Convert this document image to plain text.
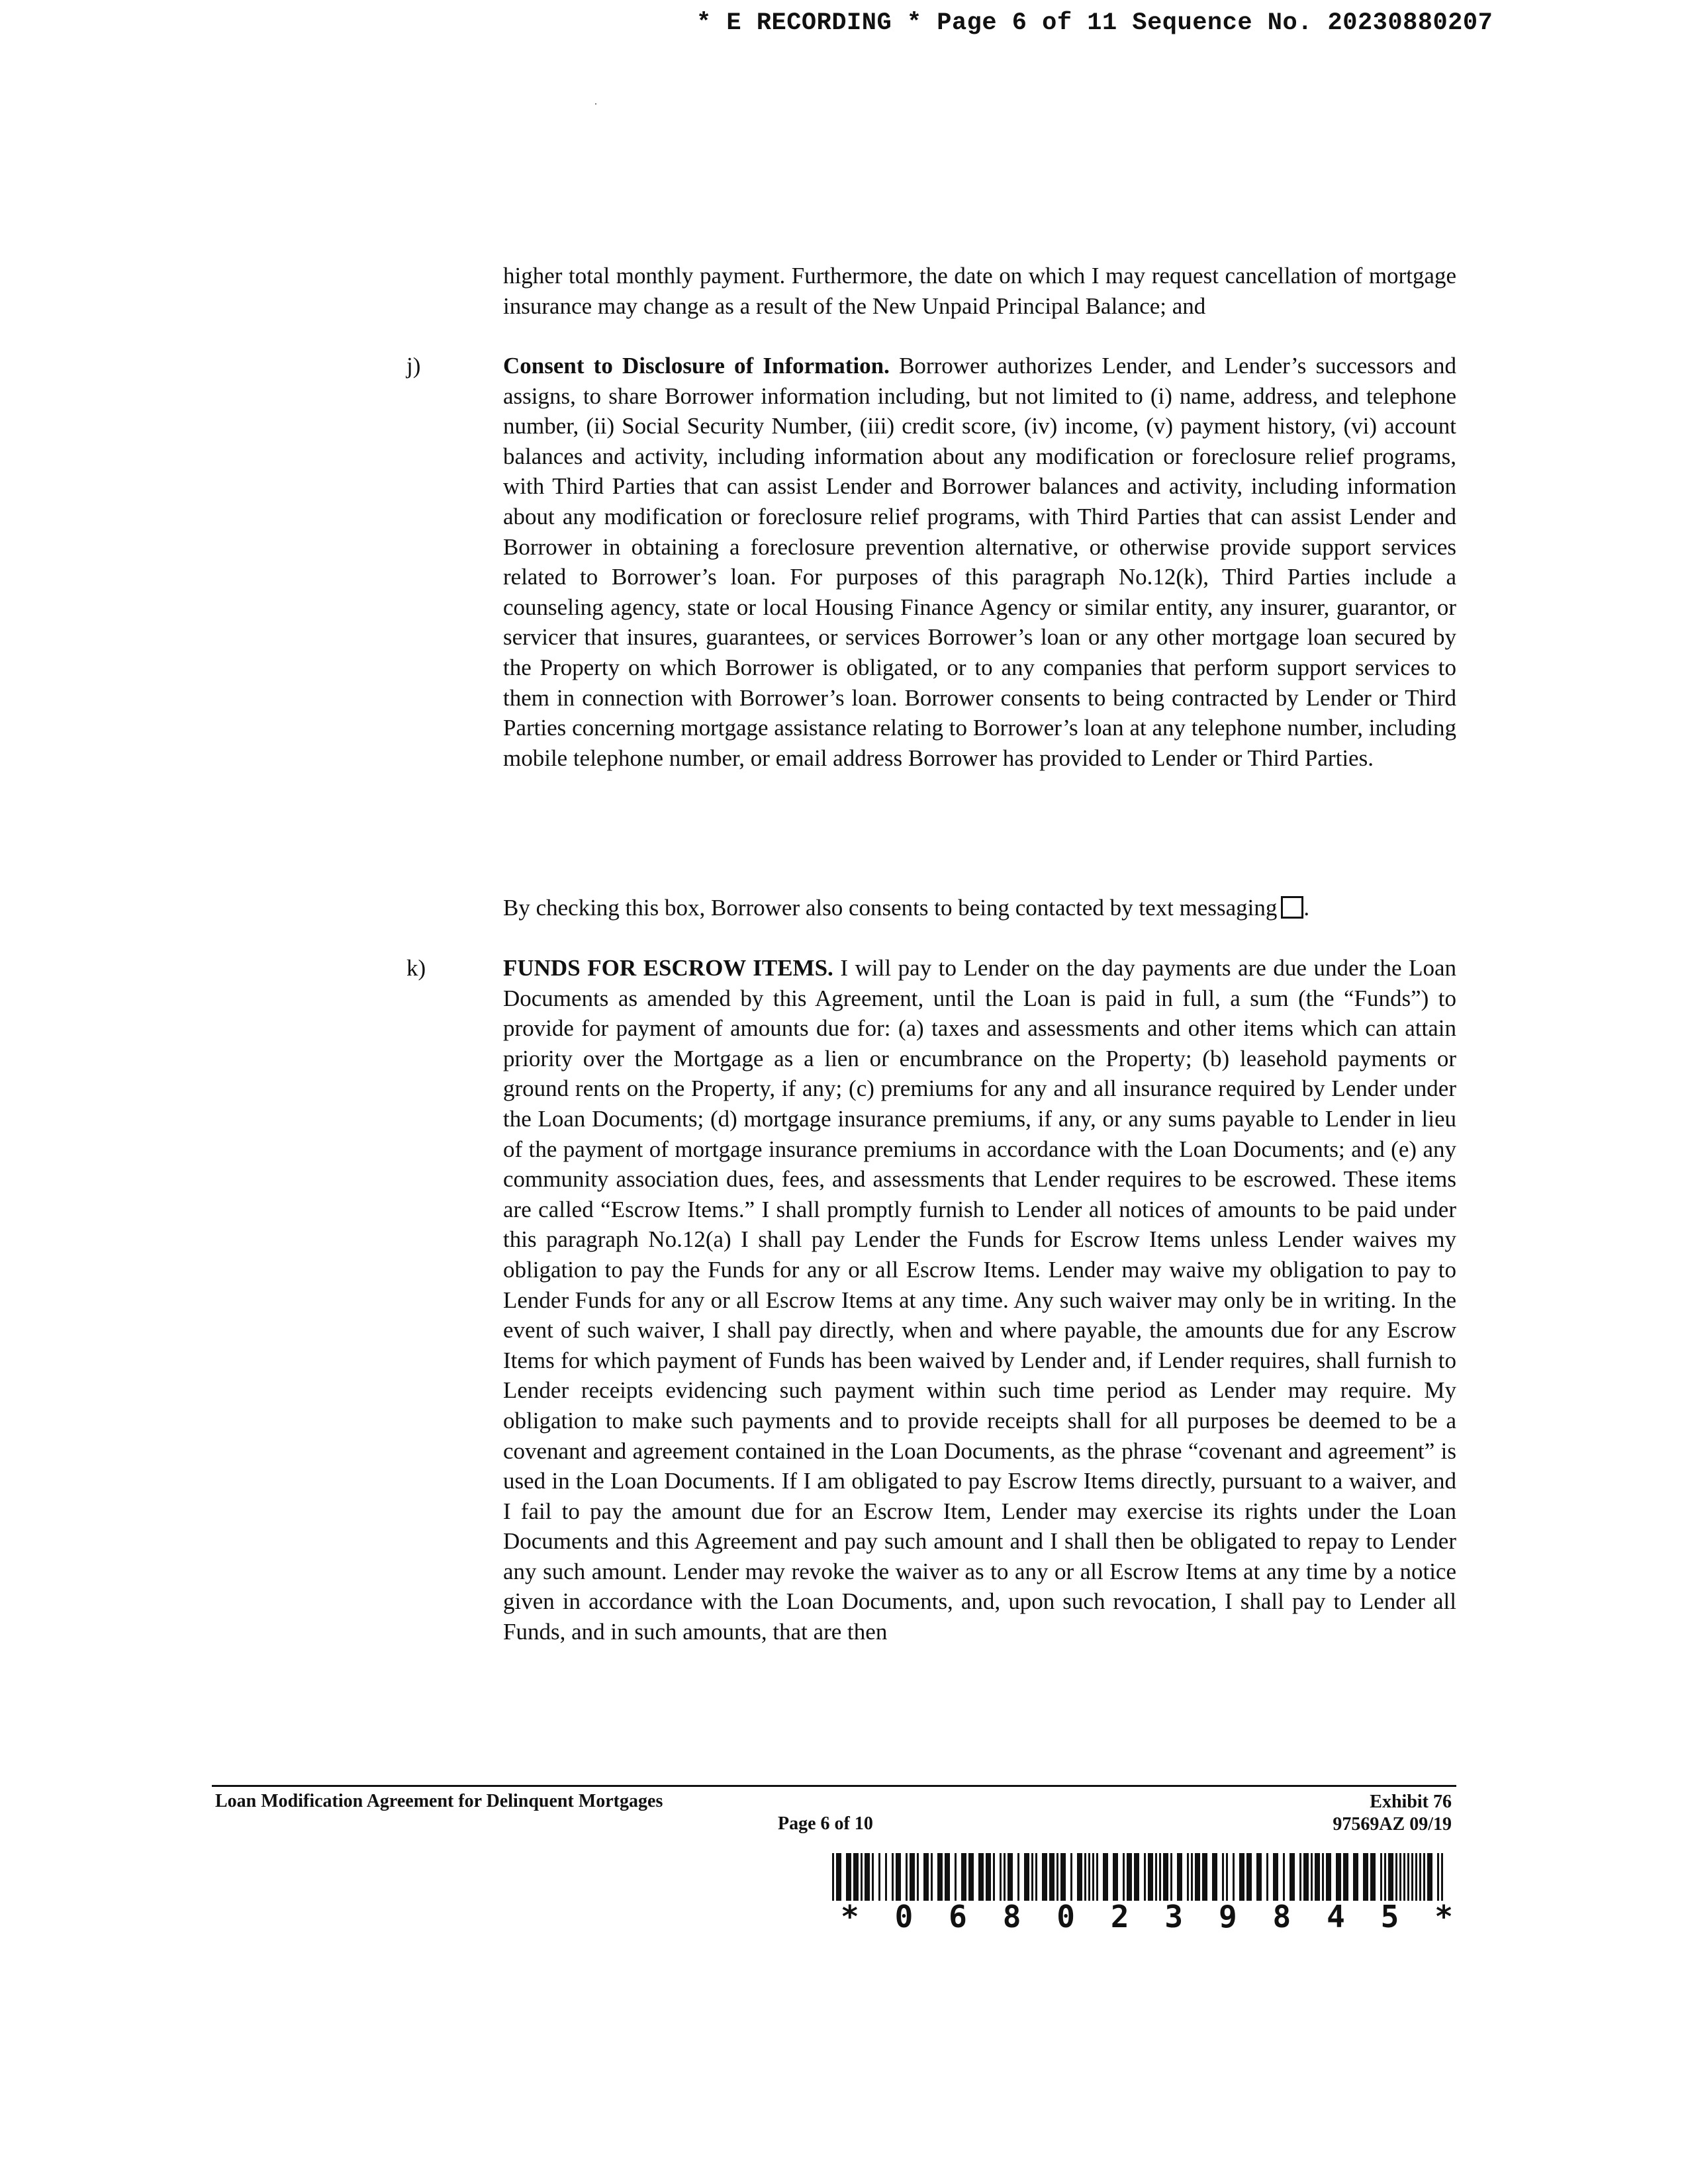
* E RECORDING * Page 6 of 11 Sequence No. 20230880207
higher total monthly payment. Furthermore, the date on which I may request cancellation of mortgage insurance may change as a result of the New Unpaid Principal Balance; and
j)	Consent to Disclosure of Information. Borrower authorizes Lender, and Lender’s successors and assigns, to share Borrower information including, but not limited to (i) name, address, and telephone number, (ii) Social Security Number, (iii) credit score, (iv) income, (v) payment history, (vi) account balances and activity, including information about any modification or foreclosure relief programs, with Third Parties that can assist Lender and Borrower balances and activity, including information about any modification or foreclosure relief programs, with Third Parties that can assist Lender and Borrower in obtaining a foreclosure prevention alternative, or otherwise provide support services related to Borrower’s loan. For purposes of this paragraph No.12(k), Third Parties include a counseling agency, state or local Housing Finance Agency or similar entity, any insurer, guarantor, or servicer that insures, guarantees, or services Borrower’s loan or any other mortgage loan secured by the Property on which Borrower is obligated, or to any companies that perform support services to them in connection with Borrower’s loan. Borrower consents to being contracted by Lender or Third Parties concerning mortgage assistance relating to Borrower’s loan at any telephone number, including mobile telephone number, or email address Borrower has provided to Lender or Third Parties.
By checking this box, Borrower also consents to being contacted by text messaging .
k)	FUNDS FOR ESCROW ITEMS. I will pay to Lender on the day payments are due under the Loan Documents as amended by this Agreement, until the Loan is paid in full, a sum (the “Funds”) to provide for payment of amounts due for: (a) taxes and assessments and other items which can attain priority over the Mortgage as a lien or encumbrance on the Property; (b) leasehold payments or ground rents on the Property, if any; (c) premiums for any and all insurance required by Lender under the Loan Documents; (d) mortgage insurance premiums, if any, or any sums payable to Lender in lieu of the payment of mortgage insurance premiums in accordance with the Loan Documents; and (e) any community association dues, fees, and assessments that Lender requires to be escrowed. These items are called “Escrow Items.” I shall promptly furnish to Lender all notices of amounts to be paid under this paragraph No.12(a) I shall pay Lender the Funds for Escrow Items unless Lender waives my obligation to pay the Funds for any or all Escrow Items. Lender may waive my obligation to pay to Lender Funds for any or all Escrow Items at any time. Any such waiver may only be in writing. In the event of such waiver, I shall pay directly, when and where payable, the amounts due for any Escrow Items for which payment of Funds has been waived by Lender and, if Lender requires, shall furnish to Lender receipts evidencing such payment within such time period as Lender may require. My obligation to make such payments and to provide receipts shall for all purposes be deemed to be a covenant and agreement contained in the Loan Documents, as the phrase “covenant and agreement” is used in the Loan Documents. If I am obligated to pay Escrow Items directly, pursuant to a waiver, and I fail to pay the amount due for an Escrow Item, Lender may exercise its rights under the Loan Documents and this Agreement and pay such amount and I shall then be obligated to repay to Lender any such amount. Lender may revoke the waiver as to any or all Escrow Items at any time by a notice given in accordance with the Loan Documents, and, upon such revocation, I shall pay to Lender all Funds, and in such amounts, that are then
Loan Modification Agreement for Delinquent Mortgages
Page 6 of 10
Exhibit 76
97569AZ 09/19
* 0 6 8 0 2 3 9 8 4 5 *
